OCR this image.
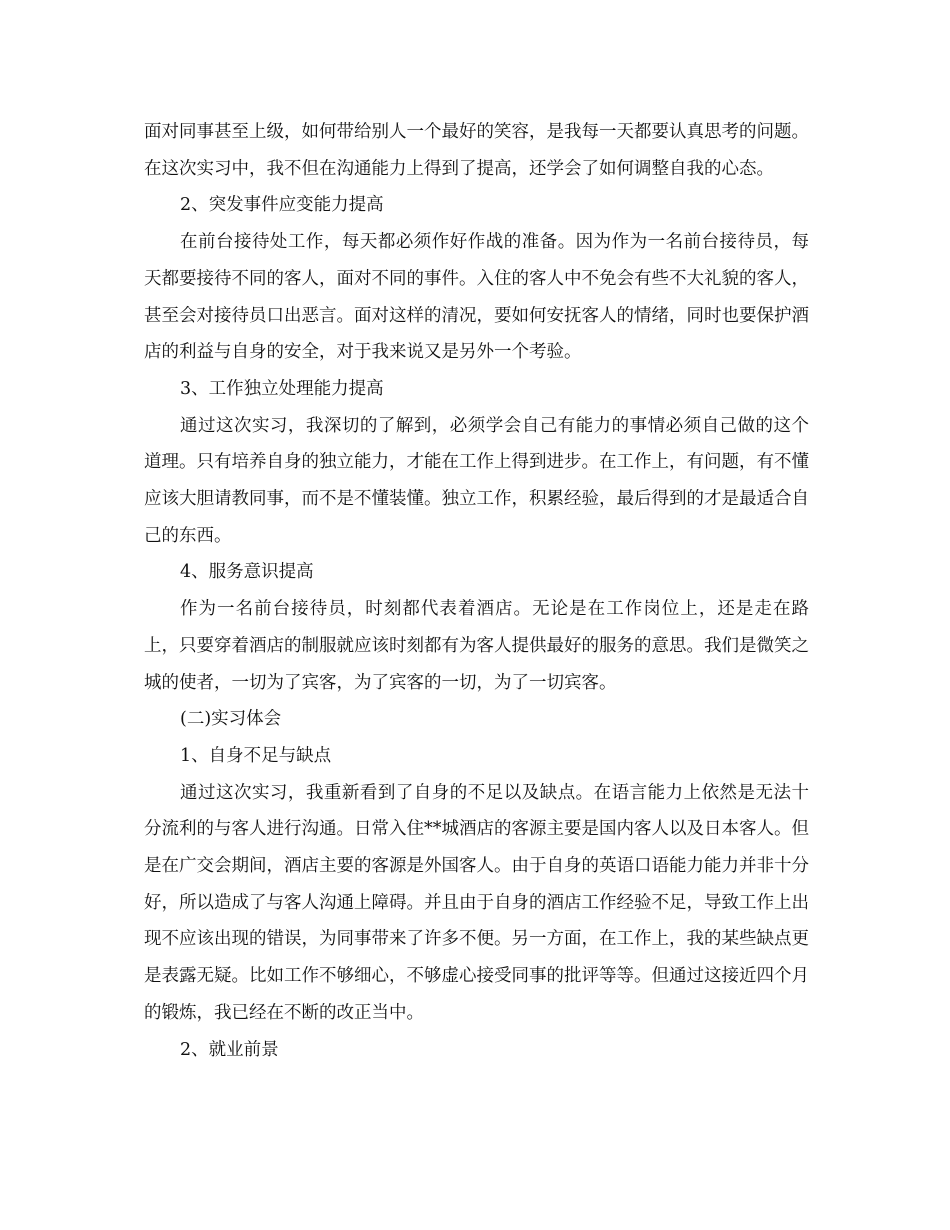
面对同事甚至上级，如何带给别人一个最好的笑容，是我每一天都要认真思考的问题。在这次实习中，我不但在沟通能力上得到了提高，还学会了如何调整自我的心态。

2、突发事件应变能力提高

在前台接待处工作，每天都必须作好作战的准备。因为作为一名前台接待员，每天都要接待不同的客人，面对不同的事件。入住的客人中不免会有些不大礼貌的客人，甚至会对接待员口出恶言。面对这样的清况，要如何安抚客人的情绪，同时也要保护酒店的利益与自身的安全，对于我来说又是另外一个考验。

3、工作独立处理能力提高

通过这次实习，我深切的了解到，必须学会自己有能力的事情必须自己做的这个道理。只有培养自身的独立能力，才能在工作上得到进步。在工作上，有问题，有不懂应该大胆请教同事，而不是不懂装懂。独立工作，积累经验，最后得到的才是最适合自己的东西。

4、服务意识提高

作为一名前台接待员，时刻都代表着酒店。无论是在工作岗位上，还是走在路上，只要穿着酒店的制服就应该时刻都有为客人提供最好的服务的意思。我们是微笑之城的使者，一切为了宾客，为了宾客的一切，为了一切宾客。

(二)实习体会

1、自身不足与缺点

通过这次实习，我重新看到了自身的不足以及缺点。在语言能力上依然是无法十分流利的与客人进行沟通。日常入住**城酒店的客源主要是国内客人以及日本客人。但是在广交会期间，酒店主要的客源是外国客人。由于自身的英语口语能力能力并非十分好，所以造成了与客人沟通上障碍。并且由于自身的酒店工作经验不足，导致工作上出现不应该出现的错误，为同事带来了许多不便。另一方面，在工作上，我的某些缺点更是表露无疑。比如工作不够细心，不够虚心接受同事的批评等等。但通过这接近四个月的锻炼，我已经在不断的改正当中。

2、就业前景
